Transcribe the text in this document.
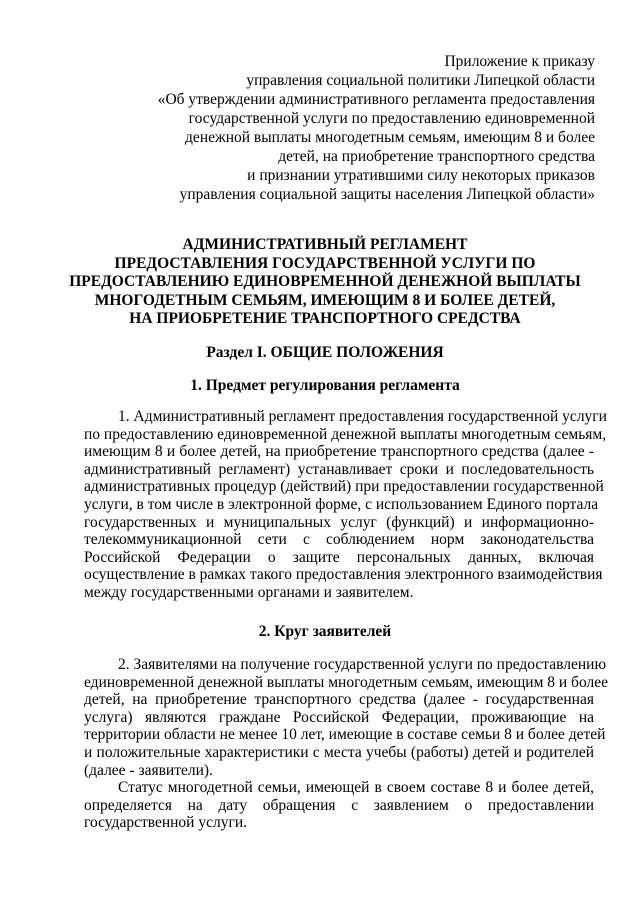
Приложение к приказу
управления социальной политики Липецкой области
«Об утверждении административного регламента предоставления
государственной услуги по предоставлению единовременной
денежной выплаты многодетным семьям, имеющим 8 и более
детей, на приобретение транспортного средства
и признании утратившими силу некоторых приказов
управления социальной защиты населения Липецкой области»
АДМИНИСТРАТИВНЫЙ РЕГЛАМЕНТ
ПРЕДОСТАВЛЕНИЯ ГОСУДАРСТВЕННОЙ УСЛУГИ ПО
ПРЕДОСТАВЛЕНИЮ ЕДИНОВРЕМЕННОЙ ДЕНЕЖНОЙ ВЫПЛАТЫ
МНОГОДЕТНЫМ СЕМЬЯМ, ИМЕЮЩИМ 8 И БОЛЕЕ ДЕТЕЙ,
НА ПРИОБРЕТЕНИЕ ТРАНСПОРТНОГО СРЕДСТВА
Раздел I. ОБЩИЕ ПОЛОЖЕНИЯ
1. Предмет регулирования регламента
1. Административный регламент предоставления государственной услуги
по предоставлению единовременной денежной выплаты многодетным семьям,
имеющим 8 и более детей, на приобретение транспортного средства (далее -
административный регламент) устанавливает сроки и последовательность
административных процедур (действий) при предоставлении государственной
услуги, в том числе в электронной форме, с использованием Единого портала
государственных и муниципальных услуг (функций) и информационно-
телекоммуникационной сети с соблюдением норм законодательства
Российской Федерации о защите персональных данных, включая
осуществление в рамках такого предоставления электронного взаимодействия
между государственными органами и заявителем.
2. Круг заявителей
2. Заявителями на получение государственной услуги по предоставлению
единовременной денежной выплаты многодетным семьям, имеющим 8 и более
детей, на приобретение транспортного средства (далее - государственная
услуга) являются граждане Российской Федерации, проживающие на
территории области не менее 10 лет, имеющие в составе семьи 8 и более детей
и положительные характеристики с места учебы (работы) детей и родителей
(далее - заявители).
Статус многодетной семьи, имеющей в своем составе 8 и более детей,
определяется на дату обращения с заявлением о предоставлении
государственной услуги.
